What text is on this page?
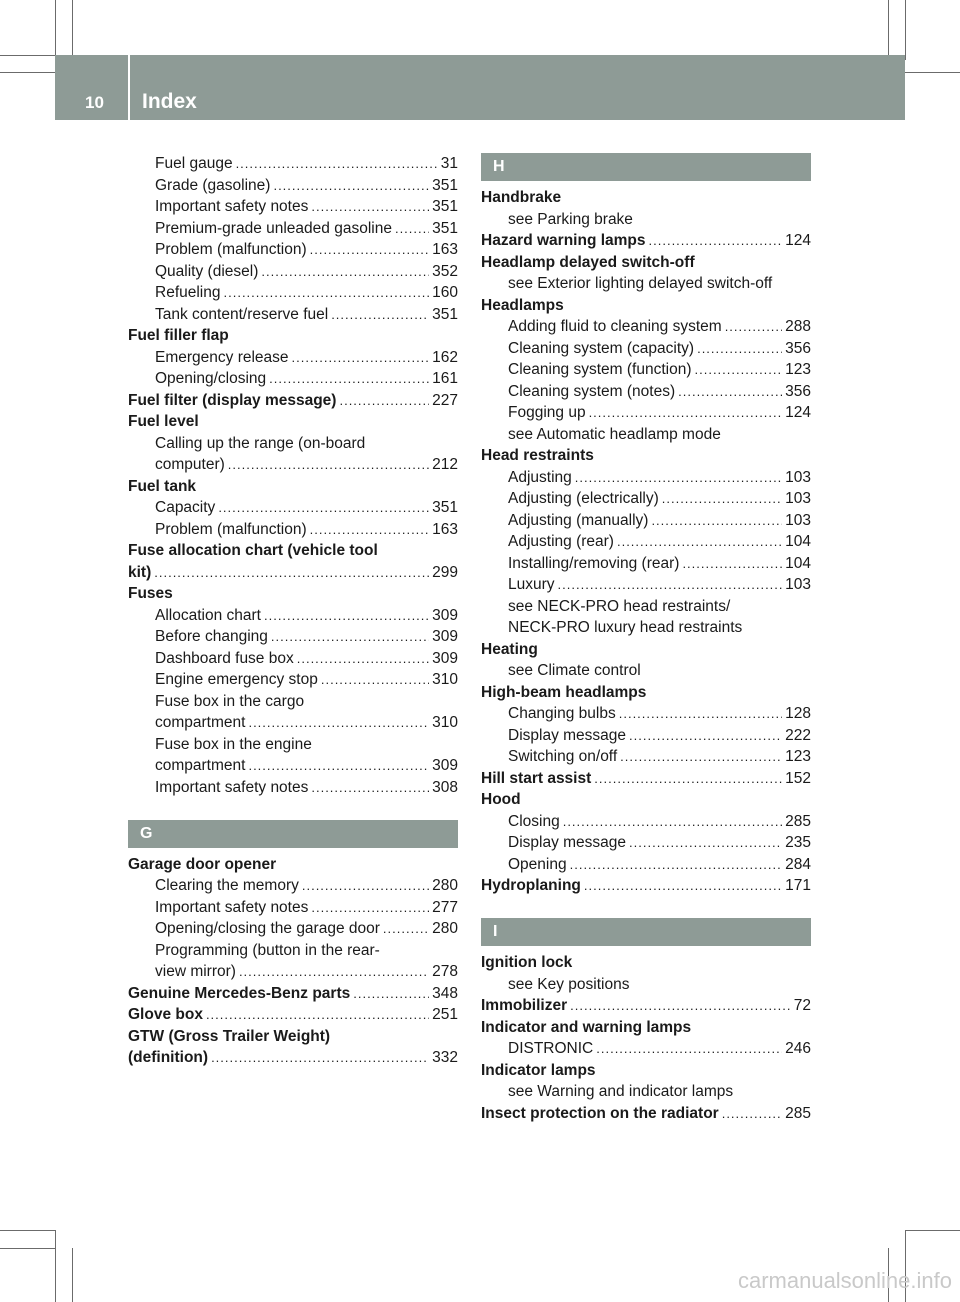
10 Index
Fuel gauge .....	31
Grade (gasoline) .....	351
Important safety notes .....	351
Premium-grade unleaded gasoline .....	351
Problem (malfunction) .....	163
Quality (diesel) .....	352
Refueling .....	160
Tank content/reserve fuel .....	351
Fuel filler flap
Emergency release .....	162
Opening/closing .....	161
Fuel filter (display message) .....	227
Fuel level
Calling up the range (on-board
computer) .....	212
Fuel tank
Capacity .....	351
Problem (malfunction) .....	163
Fuse allocation chart (vehicle tool
kit) .....	299
Fuses
Allocation chart .....	309
Before changing .....	309
Dashboard fuse box .....	309
Engine emergency stop .....	310
Fuse box in the cargo
compartment .....	310
Fuse box in the engine
compartment .....	309
Important safety notes .....	308
G
Garage door opener
Clearing the memory .....	280
Important safety notes .....	277
Opening/closing the garage door .....	280
Programming (button in the rear-
view mirror) .....	278
Genuine Mercedes-Benz parts .....	348
Glove box .....	251
GTW (Gross Trailer Weight)
(definition) .....	332
H
Handbrake
see Parking brake
Hazard warning lamps .....	124
Headlamp delayed switch-off
see Exterior lighting delayed switch-off
Headlamps
Adding fluid to cleaning system .....	288
Cleaning system (capacity) .....	356
Cleaning system (function) .....	123
Cleaning system (notes) .....	356
Fogging up .....	124
see Automatic headlamp mode
Head restraints
Adjusting .....	103
Adjusting (electrically) .....	103
Adjusting (manually) .....	103
Adjusting (rear) .....	104
Installing/removing (rear) .....	104
Luxury .....	103
see NECK-PRO head restraints/
NECK-PRO luxury head restraints
Heating
see Climate control
High-beam headlamps
Changing bulbs .....	128
Display message .....	222
Switching on/off .....	123
Hill start assist .....	152
Hood
Closing .....	285
Display message .....	235
Opening .....	284
Hydroplaning .....	171
I
Ignition lock
see Key positions
Immobilizer .....	72
Indicator and warning lamps
DISTRONIC .....	246
Indicator lamps
see Warning and indicator lamps
Insect protection on the radiator .....	285
carmanualsonline.info
